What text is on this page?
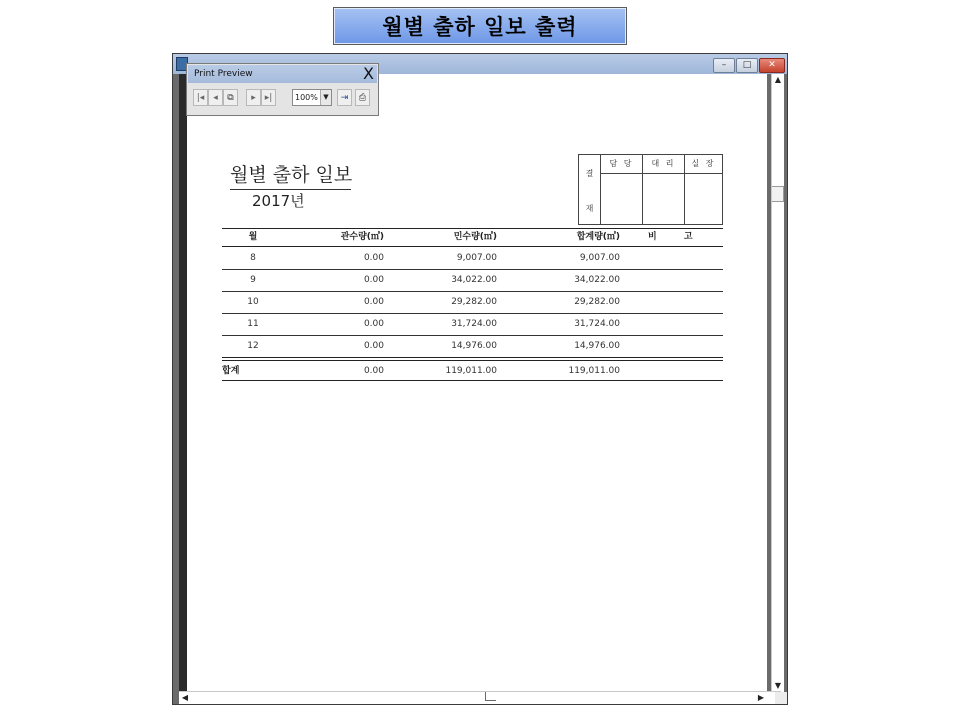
월별 출하 일보 출력
–	□	✕
▲
▼
◀	▶
Print Preview	X
|◂ ◂	⧉	▸ ▸|	100% ▼	⇥	⎙
월별 출하 일보
2017년
결
재
담 당	대 리	실 장
월	관수량(㎥)	민수량(㎥)	합계량(㎥)	비 고
8	0.00	9,007.00	9,007.00
9	0.00	34,022.00	34,022.00
10	0.00	29,282.00	29,282.00
11	0.00	31,724.00	31,724.00
12	0.00	14,976.00	14,976.00
합계	0.00	119,011.00	119,011.00
